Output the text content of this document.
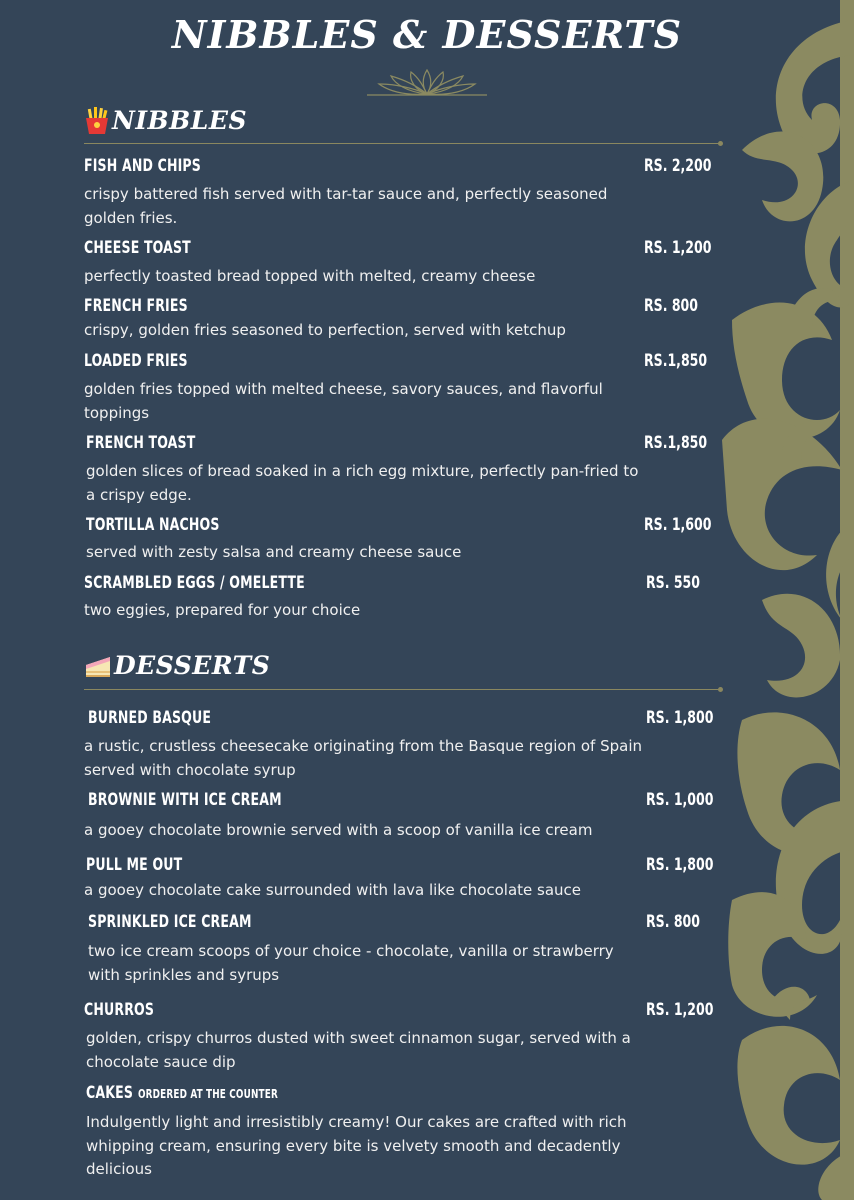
NIBBLES & DESSERTS
NIBBLES
FISH AND CHIPS	RS. 2,200
crispy battered fish served with tar-tar sauce and, perfectly seasoned golden fries.
CHEESE TOAST	RS. 1,200
perfectly toasted bread topped with melted, creamy cheese
FRENCH FRIES	RS. 800
crispy, golden fries seasoned to perfection, served with ketchup
LOADED FRIES	RS.1,850
golden fries topped with melted cheese, savory sauces, and flavorful toppings
FRENCH TOAST	RS.1,850
golden slices of bread soaked in a rich egg mixture, perfectly pan-fried to a crispy edge.
TORTILLA NACHOS	RS. 1,600
served with zesty salsa and creamy cheese sauce
SCRAMBLED EGGS / OMELETTE	RS. 550
two eggies, prepared for your choice
DESSERTS
BURNED BASQUE	RS. 1,800
a rustic, crustless cheesecake originating from the Basque region of Spain served with chocolate syrup
BROWNIE WITH ICE CREAM	RS. 1,000
a gooey chocolate brownie served with a scoop of vanilla ice cream
PULL ME OUT	RS. 1,800
a gooey chocolate cake surrounded with lava like chocolate sauce
SPRINKLED ICE CREAM	RS. 800
two ice cream scoops of your choice - chocolate, vanilla or strawberry with sprinkles and syrups
CHURROS	RS. 1,200
golden, crispy churros dusted with sweet cinnamon sugar, served with a chocolate sauce dip
CAKES ORDERED AT THE COUNTER
Indulgently light and irresistibly creamy! Our cakes are crafted with rich whipping cream, ensuring every bite is velvety smooth and decadently delicious
